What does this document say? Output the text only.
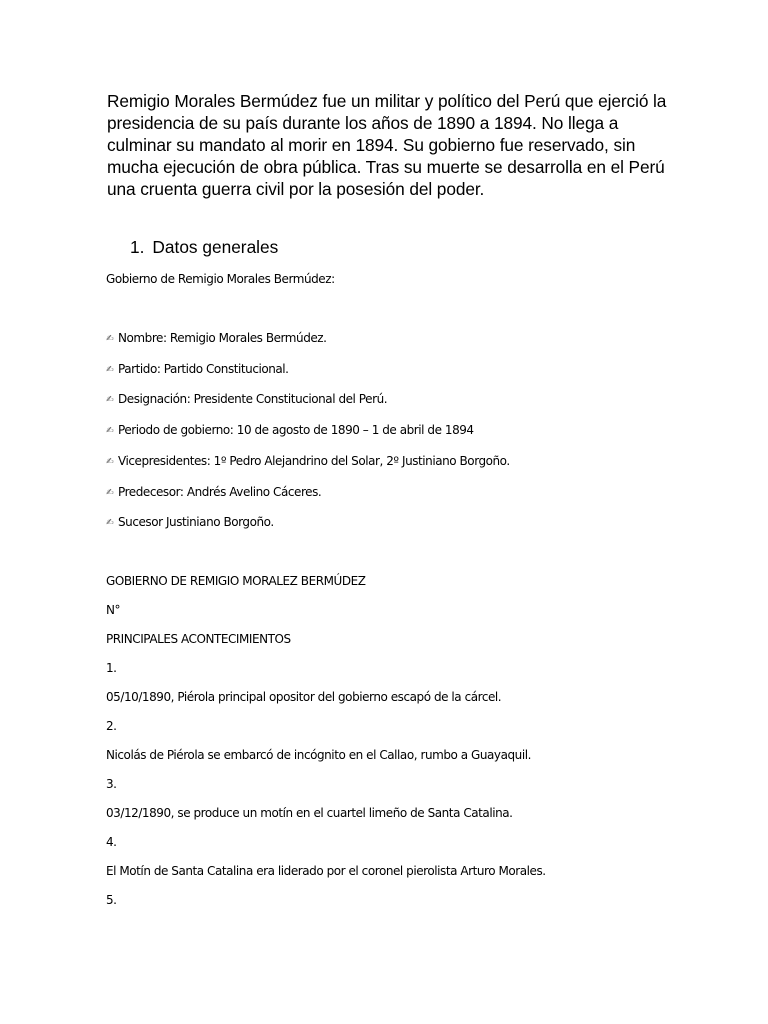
Remigio Morales Bermúdez fue un militar y político del Perú que ejerció la presidencia de su país durante los años de 1890 a 1894. No llega a culminar su mandato al morir en 1894. Su gobierno fue reservado, sin mucha ejecución de obra pública. Tras su muerte se desarrolla en el Perú una cruenta guerra civil por la posesión del poder.

1. Datos generales
Gobierno de Remigio Morales Bermúdez:
✍ Nombre: Remigio Morales Bermúdez.
✍ Partido: Partido Constitucional.
✍ Designación: Presidente Constitucional del Perú.
✍ Periodo de gobierno: 10 de agosto de 1890 – 1 de abril de 1894
✍ Vicepresidentes: 1º Pedro Alejandrino del Solar, 2º Justiniano Borgoño.
✍ Predecesor: Andrés Avelino Cáceres.
✍ Sucesor Justiniano Borgoño.
GOBIERNO DE REMIGIO MORALEZ BERMÚDEZ
N°
PRINCIPALES ACONTECIMIENTOS
1.
05/10/1890, Piérola principal opositor del gobierno escapó de la cárcel.
2.
Nicolás de Piérola se embarcó de incógnito en el Callao, rumbo a Guayaquil.
3.
03/12/1890, se produce un motín en el cuartel limeño de Santa Catalina.
4.
El Motín de Santa Catalina era liderado por el coronel pierolista Arturo Morales.
5.
